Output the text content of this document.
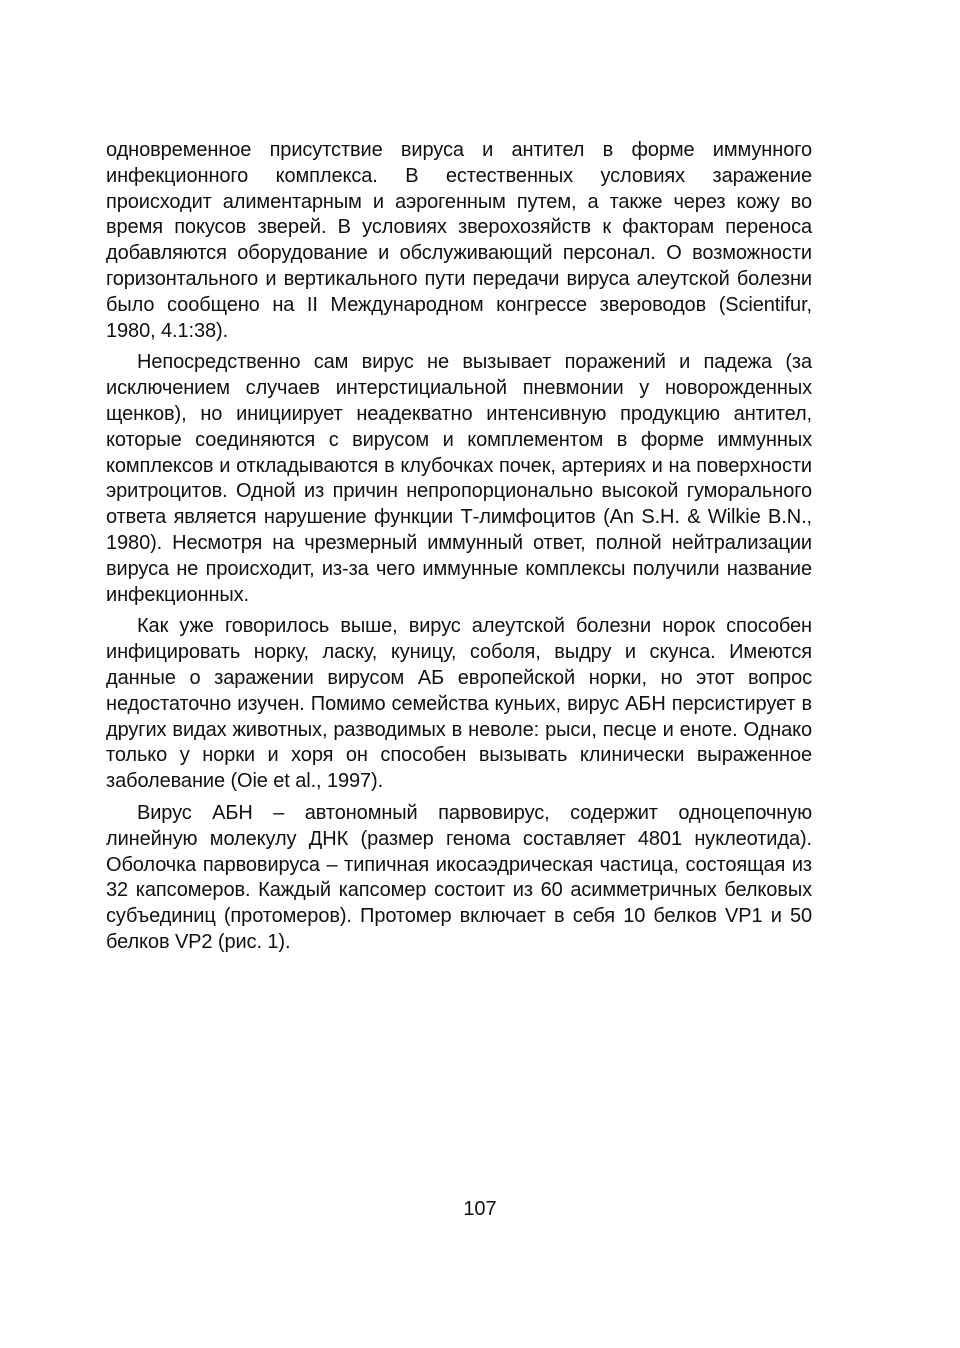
одновременное присутствие вируса и антител в форме иммунного инфекционного комплекса. В естественных условиях заражение происходит алиментарным и аэрогенным путем, а также через кожу во время покусов зверей. В условиях зверохозяйств к факторам переноса добавляются оборудование и обслуживающий персонал. О возможности горизонтального и вертикального пути передачи вируса алеутской болезни было сообщено на II Международном конгрессе звероводов (Scientifur, 1980, 4.1:38).

Непосредственно сам вирус не вызывает поражений и падежа (за исключением случаев интерстициальной пневмонии у новорожденных щенков), но инициирует неадекватно интенсивную продукцию антител, которые соединяются с вирусом и комплементом в форме иммунных комплексов и откладываются в клубочках почек, артериях и на поверхности эритроцитов. Одной из причин непропорционально высокой гуморального ответа является нарушение функции Т-лимфоцитов (An S.H. & Wilkie B.N., 1980). Несмотря на чрезмерный иммунный ответ, полной нейтрализации вируса не происходит, из-за чего иммунные комплексы получили название инфекционных.

Как уже говорилось выше, вирус алеутской болезни норок способен инфицировать норку, ласку, куницу, соболя, выдру и скунса. Имеются данные о заражении вирусом АБ европейской норки, но этот вопрос недостаточно изучен. Помимо семейства куньих, вирус АБН персистирует в других видах животных, разводимых в неволе: рыси, песце и еноте. Однако только у норки и хоря он способен вызывать клинически выраженное заболевание (Oie et al., 1997).

Вирус АБН – автономный парвовирус, содержит одноцепочную линейную молекулу ДНК (размер генома составляет 4801 нуклеотида). Оболочка парвовируса – типичная икосаэдрическая частица, состоящая из 32 капсомеров. Каждый капсомер состоит из 60 асимметричных белковых субъединиц (протомеров). Протомер включает в себя 10 белков VP1 и 50 белков VP2 (рис. 1).

107
